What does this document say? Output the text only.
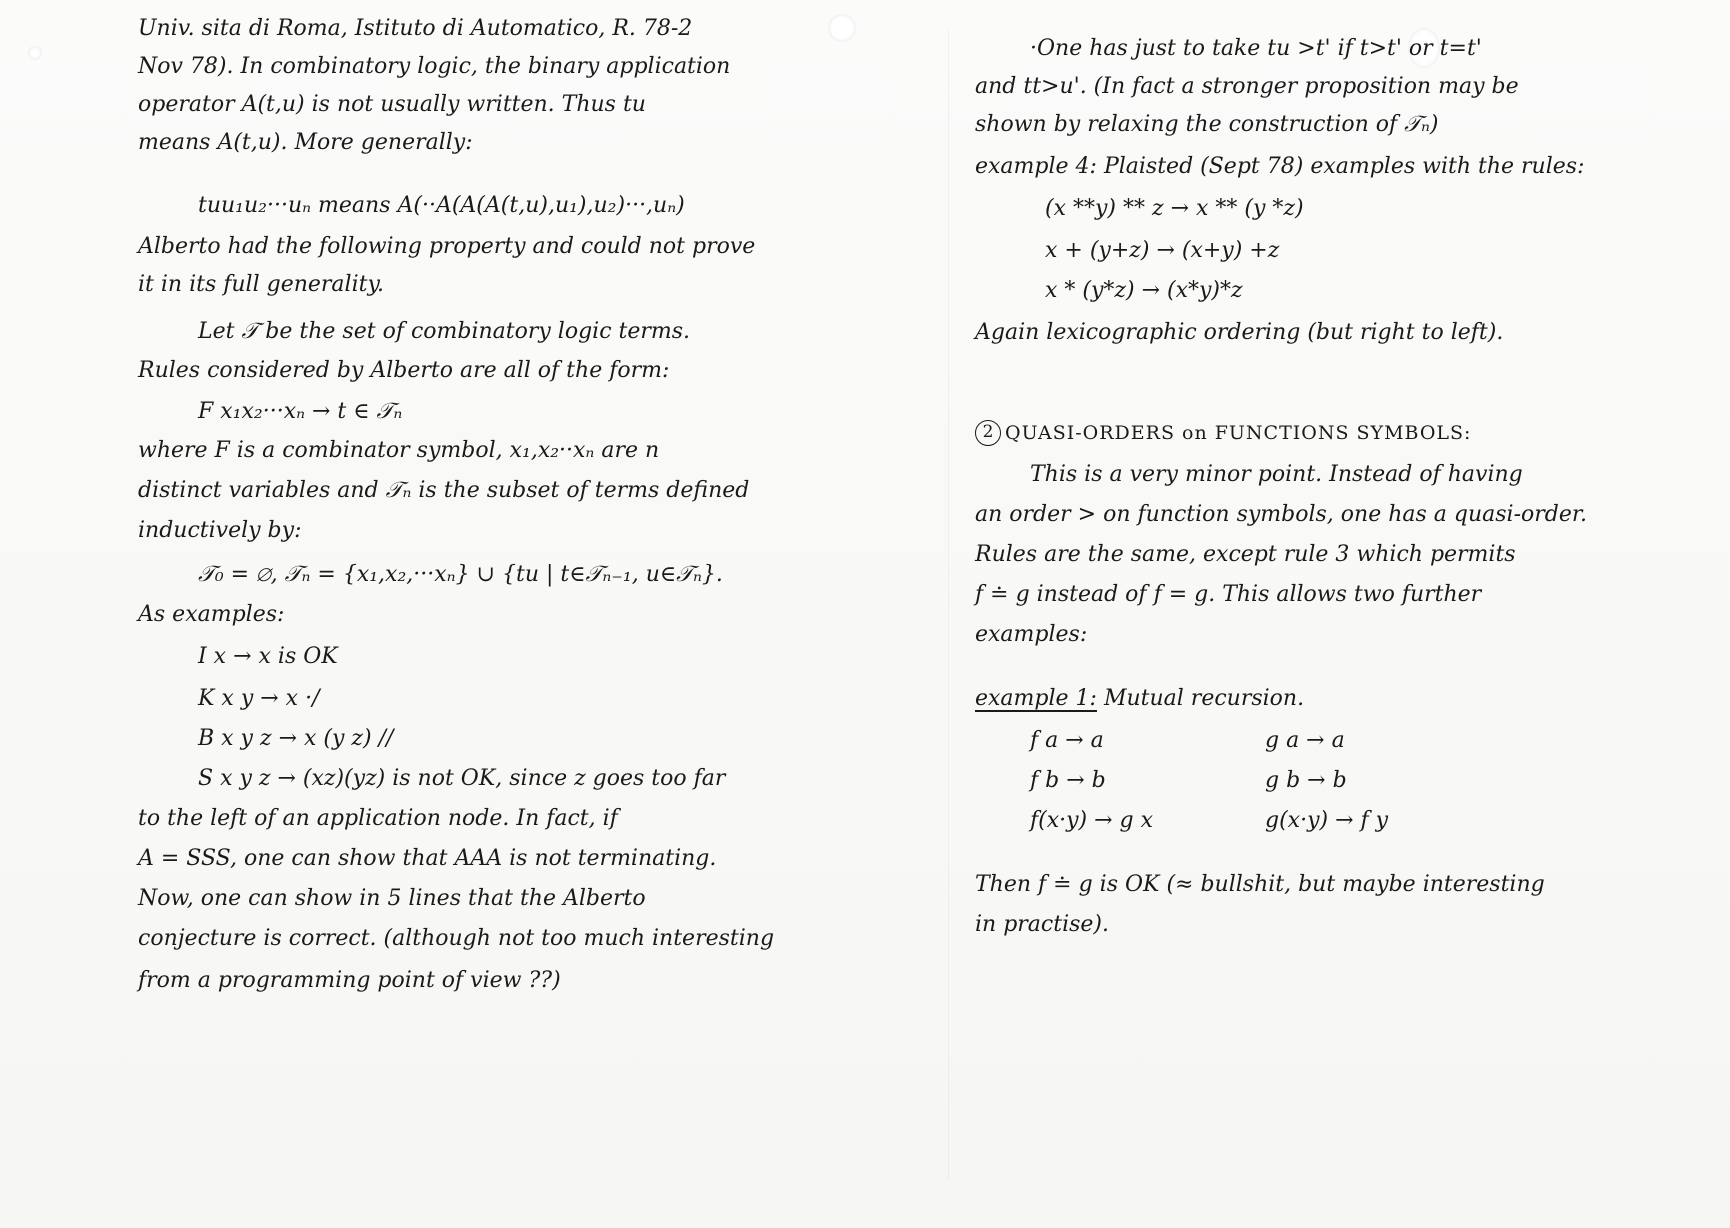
Univ. sita di Roma, Istituto di Automatico, R. 78-2
Nov 78). In combinatory logic, the binary application
operator A(t,u) is not usually written. Thus tu
means A(t,u). More generally:
tuu₁u₂···uₙ means A(··A(A(A(t,u),u₁),u₂)···,uₙ)
Alberto had the following property and could not prove
it in its full generality.
Let 𝒯 be the set of combinatory logic terms.
Rules considered by Alberto are all of the form:
F x₁x₂···xₙ → t ∈ 𝒯ₙ
where F is a combinator symbol, x₁,x₂··xₙ are n
distinct variables and 𝒯ₙ is the subset of terms defined
inductively by:
𝒯₀ = ∅, 𝒯ₙ = {x₁,x₂,···xₙ} ∪ {tu | t∈𝒯ₙ₋₁, u∈𝒯ₙ}.
As examples:
I x → x is OK
K x y → x ·/
B x y z → x (y z) //
S x y z → (xz)(yz) is not OK, since z goes too far
to the left of an application node. In fact, if
A = SSS, one can show that AAA is not terminating.
Now, one can show in 5 lines that the Alberto
conjecture is correct. (although not too much interesting
from a programming point of view ??)
·One has just to take tu >t' if t>t' or t=t'
and tt>u'. (In fact a stronger proposition may be
shown by relaxing the construction of 𝒯ₙ)
example 4: Plaisted (Sept 78) examples with the rules:
(x **y) ** z → x ** (y *z)
x + (y+z) → (x+y) +z
x * (y*z) → (x*y)*z
Again lexicographic ordering (but right to left).
2 QUASI-ORDERS on FUNCTIONS SYMBOLS:
This is a very minor point. Instead of having
an order > on function symbols, one has a quasi-order.
Rules are the same, except rule 3 which permits
f ≐ g instead of f = g. This allows two further
examples:
example 1: Mutual recursion.
f a → a	g a → a
f b → b	g b → b
f(x·y) → g x	g(x·y) → f y
Then f ≐ g is OK (≈ bullshit, but maybe interesting
in practise).
